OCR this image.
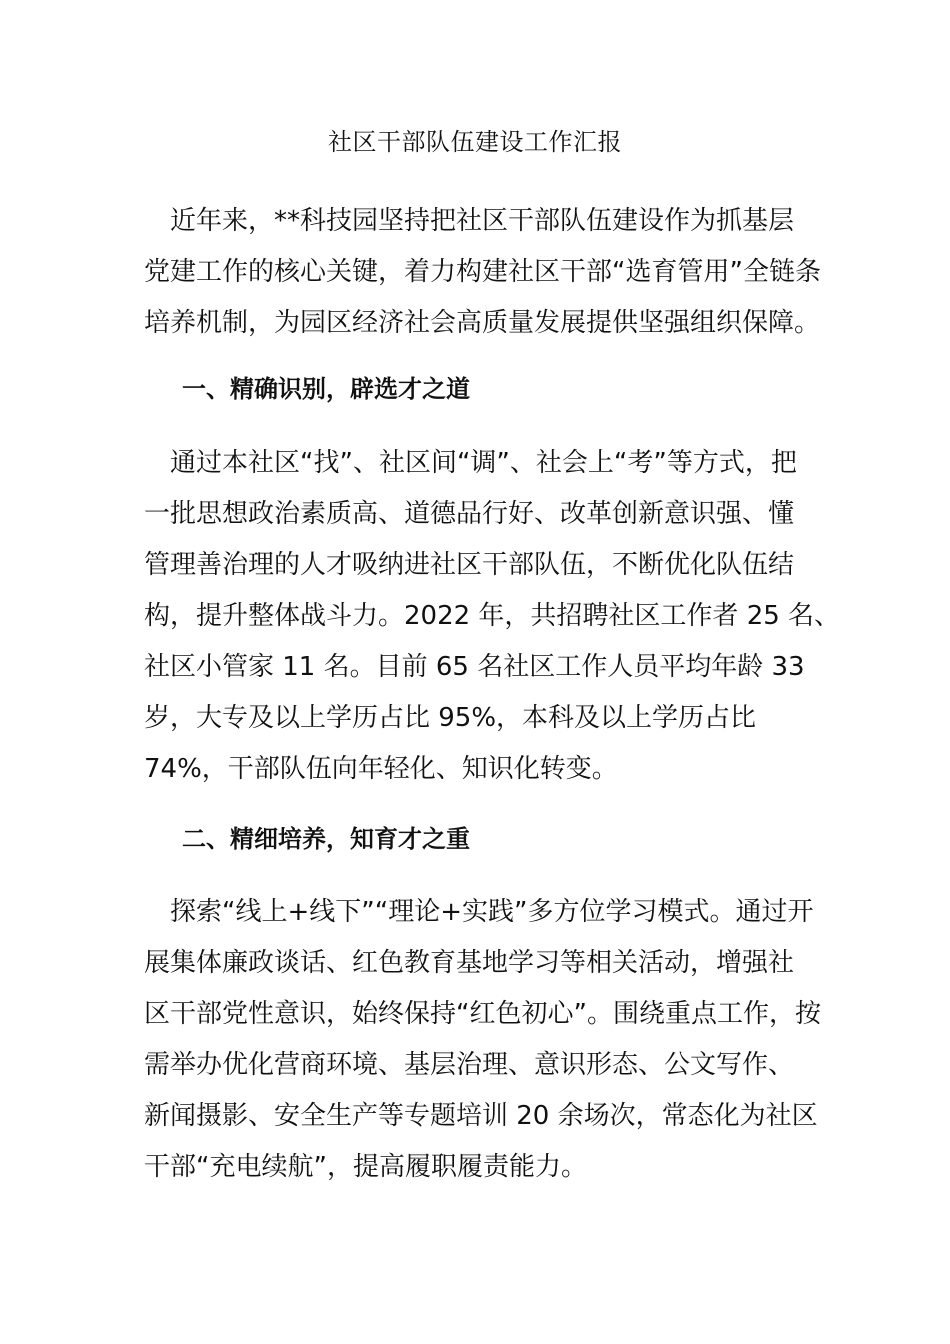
社区干部队伍建设工作汇报

　近年来，**科技园坚持把社区干部队伍建设作为抓基层
党建工作的核心关键，着力构建社区干部“选育管用”全链条
培养机制，为园区经济社会高质量发展提供坚强组织保障。

一、精确识别，辟选才之道

　通过本社区“找”、社区间“调”、社会上“考”等方式，把
一批思想政治素质高、道德品行好、改革创新意识强、懂
管理善治理的人才吸纳进社区干部队伍，不断优化队伍结
构，提升整体战斗力。2022 年，共招聘社区工作者 25 名、
社区小管家 11 名。目前 65 名社区工作人员平均年龄 33
岁，大专及以上学历占比 95%，本科及以上学历占比
74%，干部队伍向年轻化、知识化转变。

二、精细培养，知育才之重

　探索“线上+线下”“理论+实践”多方位学习模式。通过开
展集体廉政谈话、红色教育基地学习等相关活动，增强社
区干部党性意识，始终保持“红色初心”。围绕重点工作，按
需举办优化营商环境、基层治理、意识形态、公文写作、
新闻摄影、安全生产等专题培训 20 余场次，常态化为社区
干部“充电续航”，提高履职履责能力。
